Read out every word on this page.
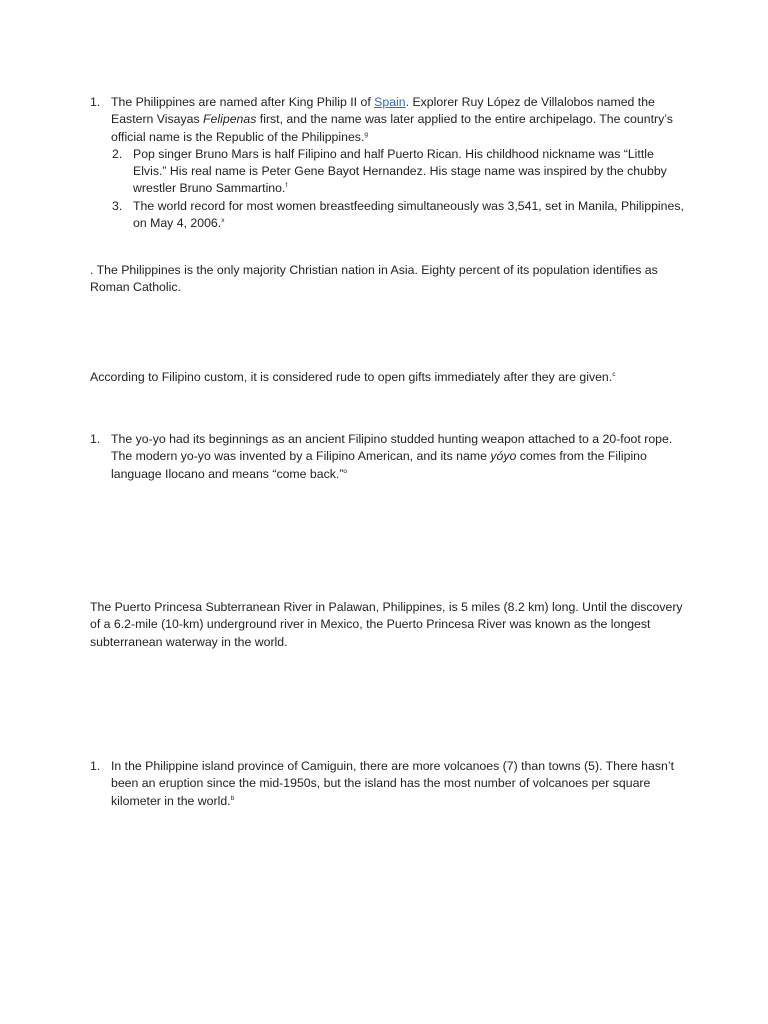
1. The Philippines are named after King Philip II of Spain. Explorer Ruy López de Villalobos named the Eastern Visayas Felipenas first, and the name was later applied to the entire archipelago. The country’s official name is the Republic of the Philippines.$^g$
2. Pop singer Bruno Mars is half Filipino and half Puerto Rican. His childhood nickname was “Little Elvis.” His real name is Peter Gene Bayot Hernandez. His stage name was inspired by the chubby wrestler Bruno Sammartino.$^f$
3. The world record for most women breastfeeding simultaneously was 3,541, set in Manila, Philippines, on May 4, 2006.$^x$
. The Philippines is the only majority Christian nation in Asia. Eighty percent of its population identifies as Roman Catholic.
According to Filipino custom, it is considered rude to open gifts immediately after they are given.$^c$
1. The yo-yo had its beginnings as an ancient Filipino studded hunting weapon attached to a 20-foot rope. The modern yo-yo was invented by a Filipino American, and its name yóyo comes from the Filipino language Ilocano and means “come back.”$^o$
The Puerto Princesa Subterranean River in Palawan, Philippines, is 5 miles (8.2 km) long. Until the discovery of a 6.2-mile (10-km) underground river in Mexico, the Puerto Princesa River was known as the longest subterranean waterway in the world.
1. In the Philippine island province of Camiguin, there are more volcanoes (7) than towns (5). There hasn’t been an eruption since the mid-1950s, but the island has the most number of volcanoes per square kilometer in the world.$^b$
